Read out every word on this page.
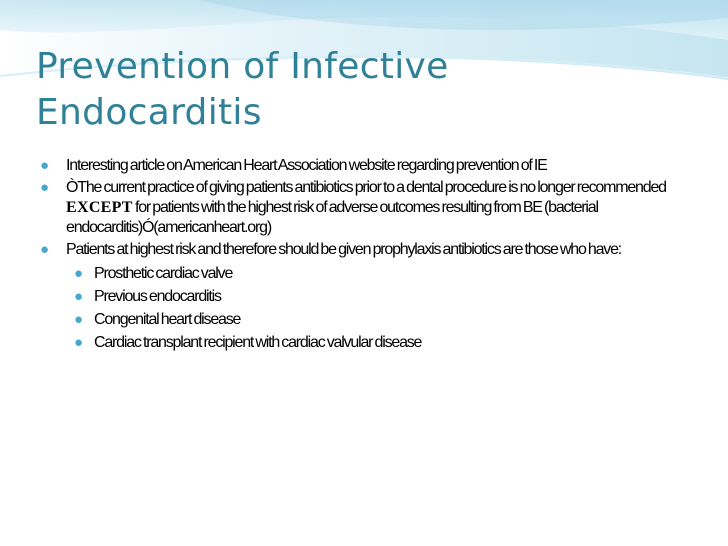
Prevention of Infective
Endocarditis
● Interesting article on American Heart Association website regarding prevention of IE
● ÒThe current practice of giving patients antibiotics prior to a dental procedure is no longer recommended EXCEPT for patients with the highest risk of adverse outcomes resulting from BE (bacterial endocarditis)Ó(americanheart.org)
● Patients at highest risk and therefore should be given prophylaxis antibiotics are those who have:
● Prosthetic cardiac valve
● Previous endocarditis
● Congenital heart disease
● Cardiac transplant recipient with cardiac valvular disease
